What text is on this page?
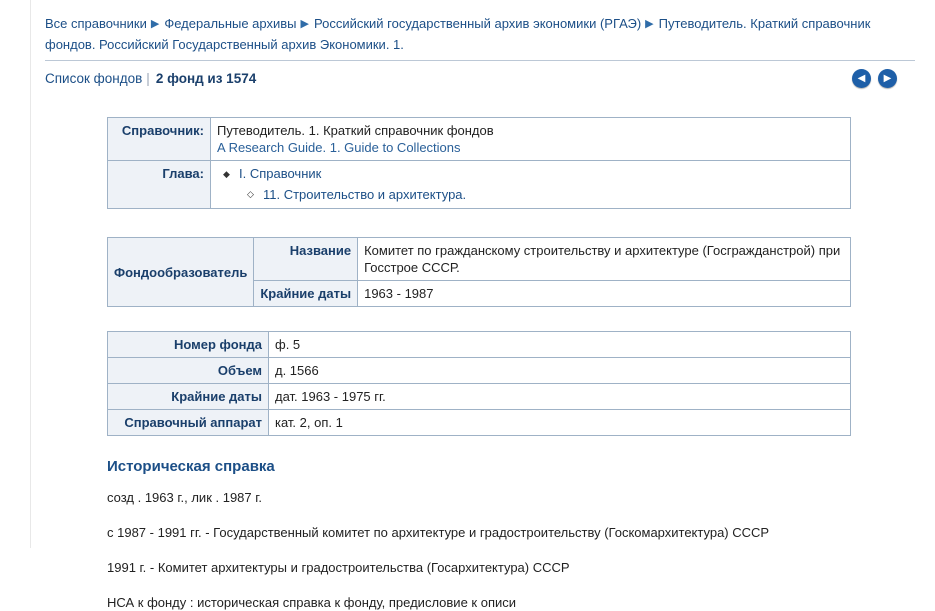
Все справочники ▶ Федеральные архивы ▶ Российский государственный архив экономики (РГАЭ) ▶ Путеводитель. Краткий справочник фондов. Российский Государственный архив Экономики. 1.
Список фондов | 2 фонд из 1574	◀	▶
Справочник:	Путеводитель. 1. Краткий справочник фондов
A Research Guide. 1. Guide to Collections

Глава:	
◆I. Справочник
◇ 11. Строительство и архитектура.
Фондообразователь	Название	Комитет по гражданскому строительству и архитектуре (Госгражданстрой) при Госстрое СССР.
	Крайние даты	1963 - 1987
Номер фонда	ф. 5
Объем	д. 1566
Крайние даты	дат. 1963 - 1975 гг.
Справочный аппарат	кат. 2, оп. 1
Историческая справка

созд . 1963 г., лик . 1987 г.

с 1987 - 1991 гг. - Государственный комитет по архитектуре и градостроительству (Госкомархитектура) СССР

1991 г. - Комитет архитектуры и градостроительства (Госархитектура) СССР

НСА к фонду : историческая справка к фонду, предисловие к описи
